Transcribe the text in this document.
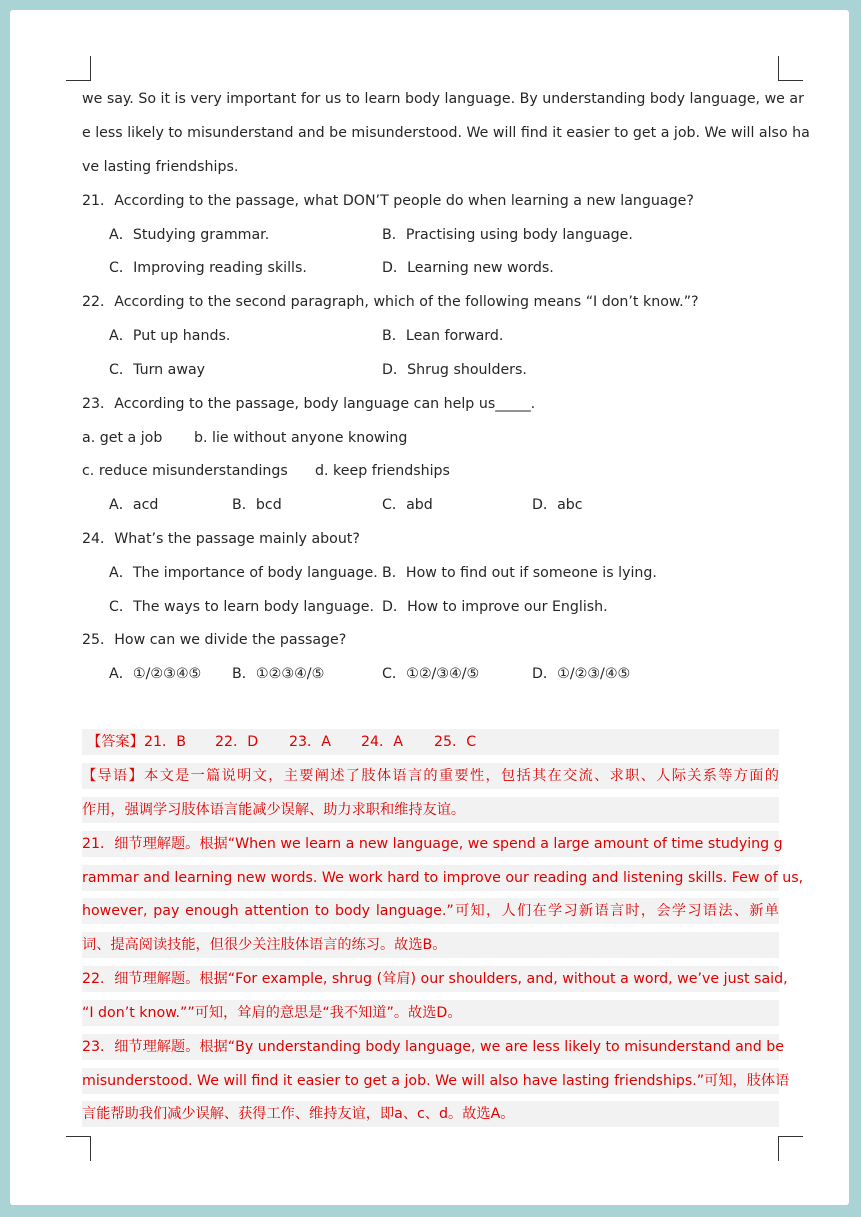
we say. So it is very important for us to learn body language. By understanding body language, we ar
e less likely to misunderstand and be misunderstood. We will find it easier to get a job. We will also ha
ve lasting friendships.
21．According to the passage, what DON’T people do when learning a new language?
A．Studying grammar.	B．Practising using body language.
C．Improving reading skills.	D．Learning new words.
22．According to the second paragraph, which of the following means “I don’t know.”?
A．Put up hands.	B．Lean forward.
C．Turn away	D．Shrug shoulders.
23．According to the passage, body language can help us_____.
a. get a job b. lie without anyone knowing
c. reduce misunderstandings d. keep friendships
A．acd	B．bcd	C．abd	D．abc
24．What’s the passage mainly about?
A．The importance of body language. B．How to find out if someone is lying.
C．The ways to learn body language. D．How to improve our English.
25．How can we divide the passage?
A．①/②③④⑤ B．①②③④/⑤	C．①②/③④/⑤	D．①/②③/④⑤
【答案】 21．B 22．D 23．A 24．A 25．C
【导语】本文是一篇说明文，主要阐述了肢体语言的重要性，包括其在交流、求职、人际关系等方面的
作用，强调学习肢体语言能减少误解、助力求职和维持友谊。
21．细节理解题。根据“When we learn a new language, we spend a large amount of time studying g
rammar and learning new words. We work hard to improve our reading and listening skills. Few of us,
however, pay enough attention to body language.”可知，人们在学习新语言时，会学习语法、新单
词、提高阅读技能，但很少关注肢体语言的练习。故选B。
22．细节理解题。根据“For example, shrug (耸肩) our shoulders, and, without a word, we’ve just said,
“I don’t know.””可知，耸肩的意思是“我不知道”。故选D。
23．细节理解题。根据“By understanding body language, we are less likely to misunderstand and be
misunderstood. We will find it easier to get a job. We will also have lasting friendships.”可知，肢体语
言能帮助我们减少误解、获得工作、维持友谊，即a、c、d。故选A。
